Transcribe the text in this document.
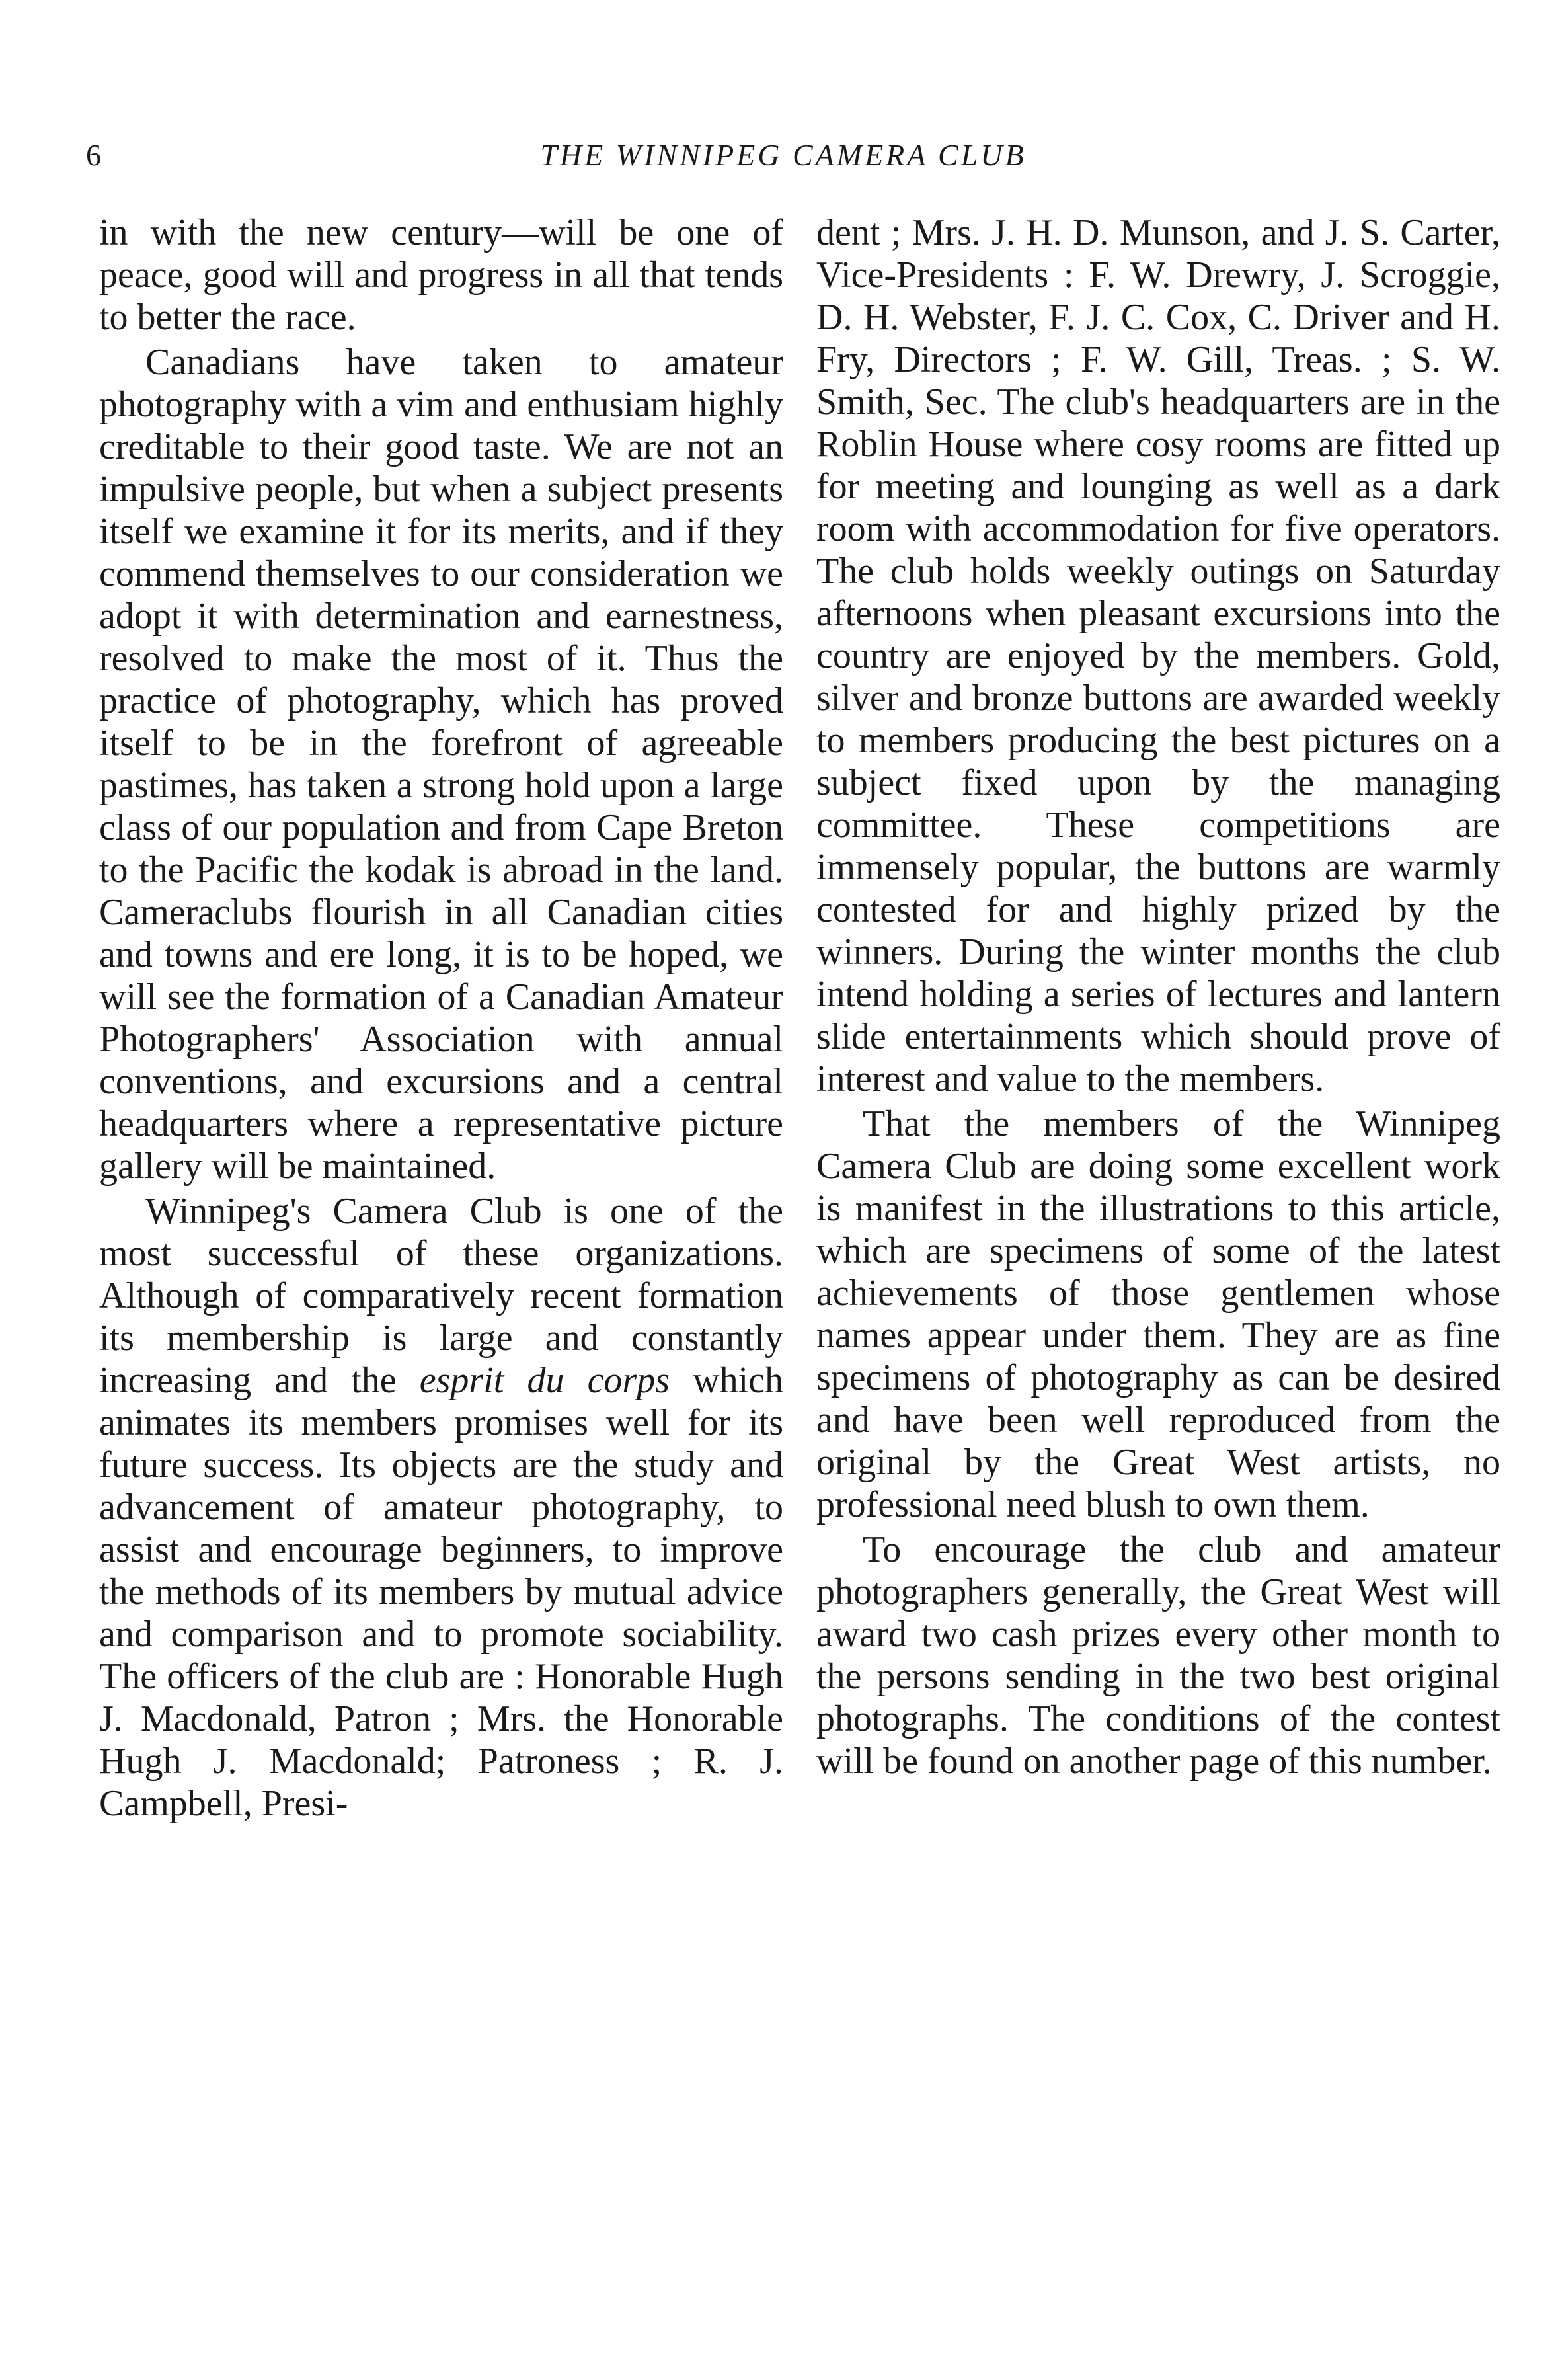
6	THE WINNIPEG CAMERA CLUB

in with the new century—will be one of peace, good will and progress in all that tends to better the race.

Canadians have taken to amateur photography with a vim and enthusiam highly creditable to their good taste. We are not an impulsive people, but when a subject presents itself we examine it for its merits, and if they commend themselves to our consideration we adopt it with determination and earnestness, resolved to make the most of it. Thus the practice of photography, which has proved itself to be in the forefront of agreeable pastimes, has taken a strong hold upon a large class of our population and from Cape Breton to the Pacific the kodak is abroad in the land. Cameraclubs flourish in all Canadian cities and towns and ere long, it is to be hoped, we will see the formation of a Canadian Amateur Photographers' Association with annual conventions, and excursions and a central headquarters where a representative picture gallery will be maintained.

Winnipeg's Camera Club is one of the most successful of these organizations. Although of comparatively recent formation its membership is large and constantly increasing and the esprit du corps which animates its members promises well for its future success. Its objects are the study and advancement of amateur photography, to assist and encourage beginners, to improve the methods of its members by mutual advice and comparison and to promote sociability. The officers of the club are : Honorable Hugh J. Macdonald, Patron ; Mrs. the Honorable Hugh J. Macdonald; Patroness ; R. J. Campbell, Presi-

dent ; Mrs. J. H. D. Munson, and J. S. Carter, Vice-Presidents : F. W. Drewry, J. Scroggie, D. H. Webster, F. J. C. Cox, C. Driver and H. Fry, Directors ; F. W. Gill, Treas. ; S. W. Smith, Sec. The club's headquarters are in the Roblin House where cosy rooms are fitted up for meeting and lounging as well as a dark room with accommodation for five operators. The club holds weekly outings on Saturday afternoons when pleasant excursions into the country are enjoyed by the members. Gold, silver and bronze buttons are awarded weekly to members producing the best pictures on a subject fixed upon by the managing committee. These competitions are immensely popular, the buttons are warmly contested for and highly prized by the winners. During the winter months the club intend holding a series of lectures and lantern slide entertainments which should prove of interest and value to the members.

That the members of the Winnipeg Camera Club are doing some excellent work is manifest in the illustrations to this article, which are specimens of some of the latest achievements of those gentlemen whose names appear under them. They are as fine specimens of photography as can be desired and have been well reproduced from the original by the Great West artists, no professional need blush to own them.

To encourage the club and amateur photographers generally, the Great West will award two cash prizes every other month to the persons sending in the two best original photographs. The conditions of the contest will be found on another page of this number.
